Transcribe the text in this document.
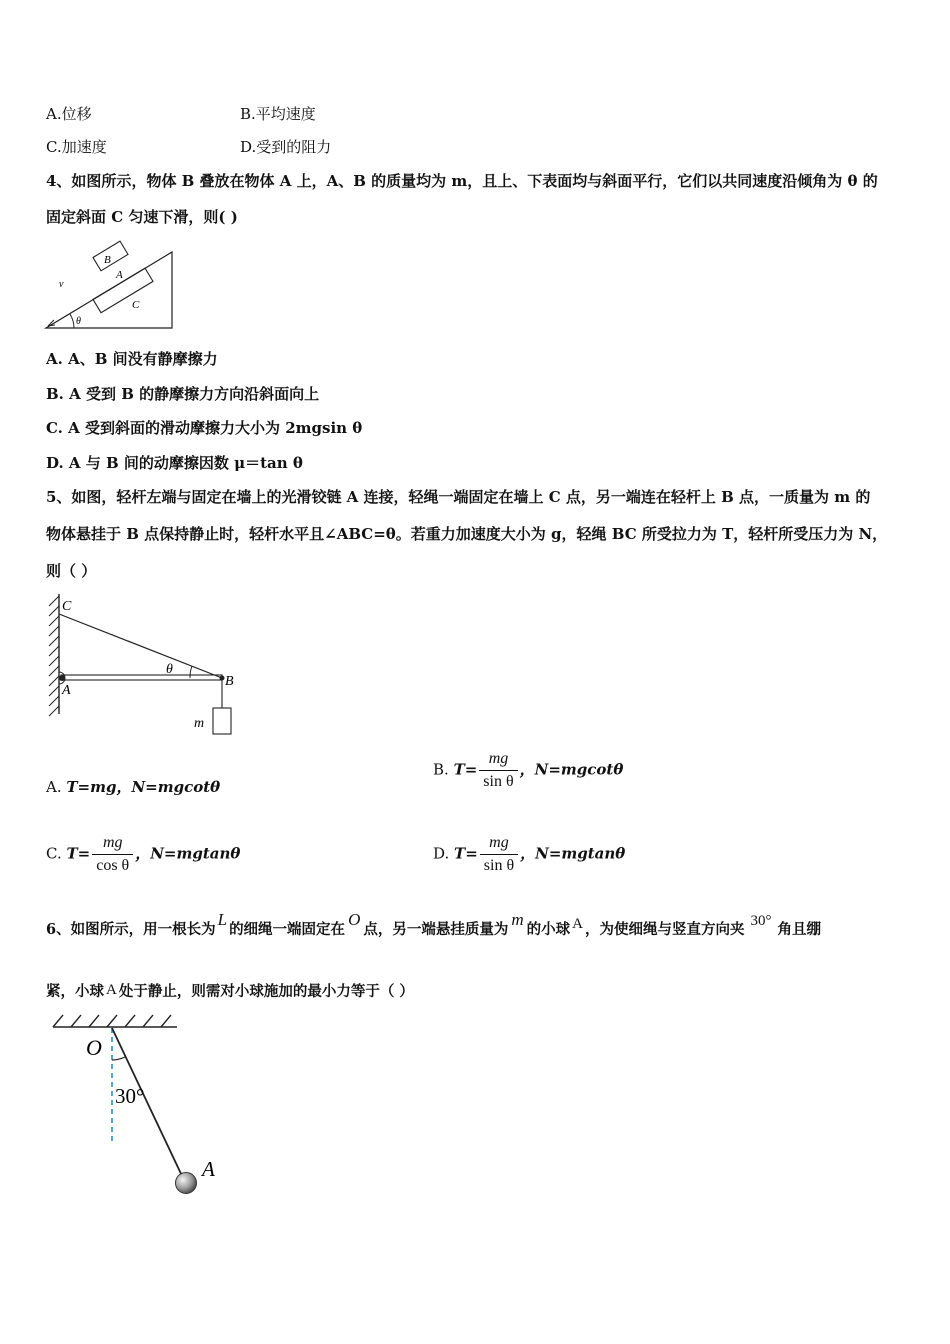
A.位移	B.平均速度
C.加速度	D.受到的阻力
4、如图所示，物体 B 叠放在物体 A 上，A、B 的质量均为 m，且上、下表面均与斜面平行，它们以共同速度沿倾角为 θ 的
固定斜面 C 匀速下滑，则( )
B
A
C
v
θ
A. A、B 间没有静摩擦力
B. A 受到 B 的静摩擦力方向沿斜面向上
C. A 受到斜面的滑动摩擦力大小为 2mgsin θ
D. A 与 B 间的动摩擦因数 μ＝tan θ
5、如图，轻杆左端与固定在墙上的光滑铰链 A 连接，轻绳一端固定在墙上 C 点，另一端连在轻杆上 B 点，一质量为 m 的
物体悬挂于 B 点保持静止时，轻杆水平且∠ABC=θ。若重力加速度大小为 g，轻绳 BC 所受拉力为 T，轻杆所受压力为 N，
则（ ）
C
A
B
m
θ
A. T=mg，N=mgcotθ
B. $T= \frac{mg}{\text{sin θ}}$ ，N=mgcotθ
C. $T= \frac{mg}{\text{cos θ}}$ ，N=mgtanθ	D. $T= \frac{mg}{\text{sin θ}}$ ，N=mgtanθ
6、如图所示，用一根长为L的细绳一端固定在O点，另一端悬挂质量为m的小球 A ，为使细绳与竖直方向夹 30° 角且绷
紧，小球 A 处于静止，则需对小球施加的最小力等于（ ）
O
30°
A
